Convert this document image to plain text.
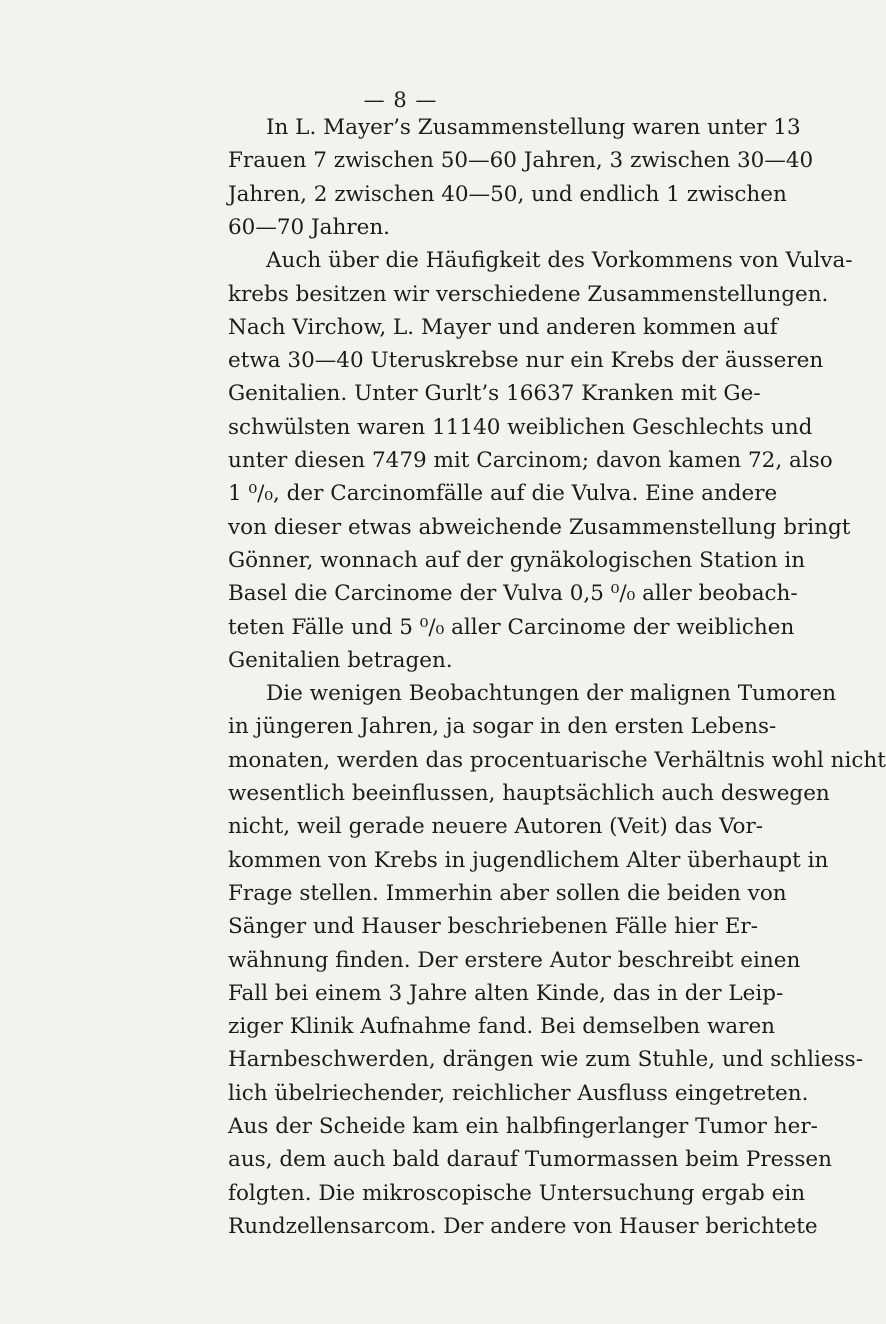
— 8 —
In L. Mayer’s Zusammenstellung waren unter 13
Frauen 7 zwischen 50—60 Jahren, 3 zwischen 30—40
Jahren, 2 zwischen 40—50, und endlich 1 zwischen
60—70 Jahren.
Auch über die Häufigkeit des Vorkommens von Vulva-
krebs besitzen wir verschiedene Zusammenstellungen.
Nach Virchow, L. Mayer und anderen kommen auf
etwa 30—40 Uteruskrebse nur ein Krebs der äusseren
Genitalien. Unter Gurlt’s 16637 Kranken mit Ge-
schwülsten waren 11140 weiblichen Geschlechts und
unter diesen 7479 mit Carcinom; davon kamen 72, also
1 ⁰/₀, der Carcinomfälle auf die Vulva. Eine andere
von dieser etwas abweichende Zusammenstellung bringt
Gönner, wonnach auf der gynäkologischen Station in
Basel die Carcinome der Vulva 0,5 ⁰/₀ aller beobach-
teten Fälle und 5 ⁰/₀ aller Carcinome der weiblichen
Genitalien betragen.
Die wenigen Beobachtungen der malignen Tumoren
in jüngeren Jahren, ja sogar in den ersten Lebens-
monaten, werden das procentuarische Verhältnis wohl nicht
wesentlich beeinflussen, hauptsächlich auch deswegen
nicht, weil gerade neuere Autoren (Veit) das Vor-
kommen von Krebs in jugendlichem Alter überhaupt in
Frage stellen. Immerhin aber sollen die beiden von
Sänger und Hauser beschriebenen Fälle hier Er-
wähnung finden. Der erstere Autor beschreibt einen
Fall bei einem 3 Jahre alten Kinde, das in der Leip-
ziger Klinik Aufnahme fand. Bei demselben waren
Harnbeschwerden, drängen wie zum Stuhle, und schliess-
lich übelriechender, reichlicher Ausfluss eingetreten.
Aus der Scheide kam ein halbfingerlanger Tumor her-
aus, dem auch bald darauf Tumormassen beim Pressen
folgten. Die mikroscopische Untersuchung ergab ein
Rundzellensarcom. Der andere von Hauser berichtete
